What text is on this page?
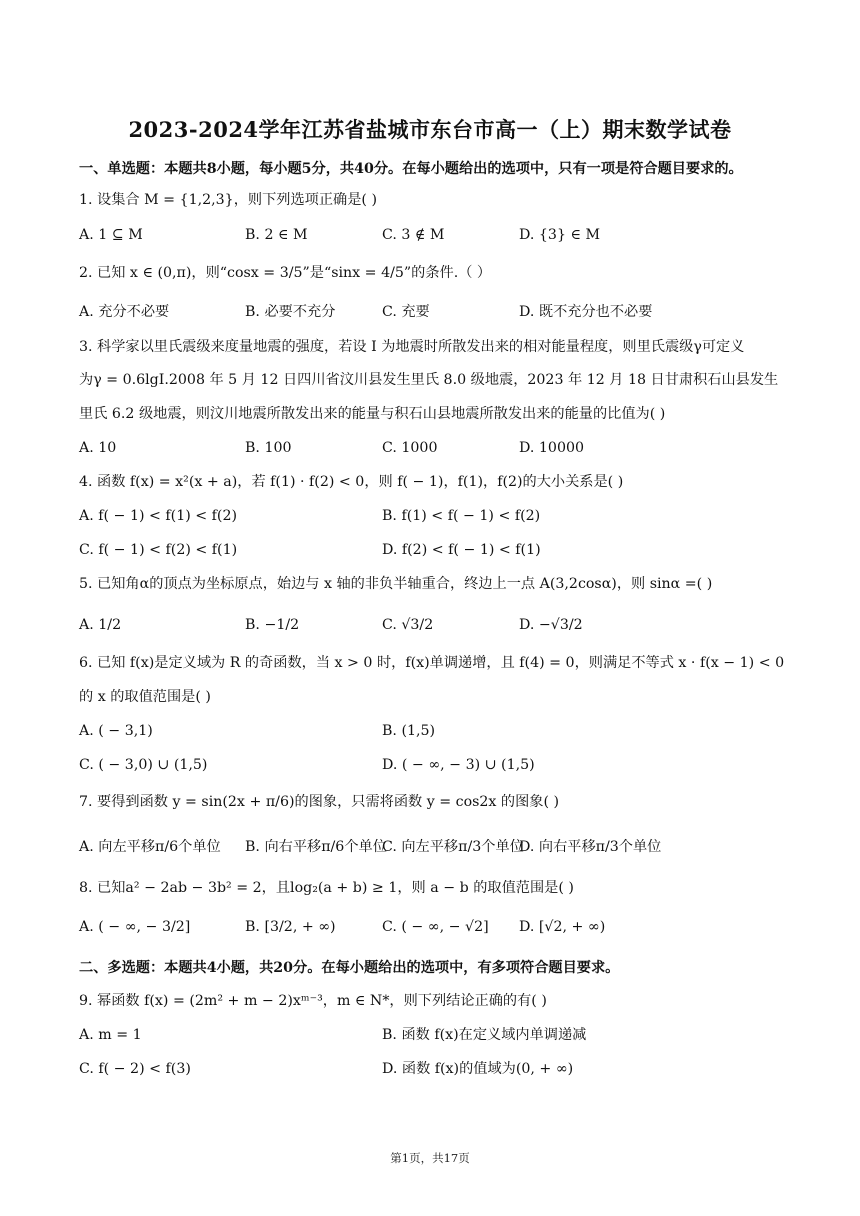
2023-2024学年江苏省盐城市东台市高一（上）期末数学试卷
一、单选题：本题共8小题，每小题5分，共40分。在每小题给出的选项中，只有一项是符合题目要求的。
1. 设集合 M = {1,2,3}，则下列选项正确是( )
A. 1 ⊆ M	B. 2 ∈ M	C. 3 ∉ M	D. {3} ∈ M
2. 已知 x ∈ (0,π)，则“cosx = 3/5”是“sinx = 4/5”的条件.（ ）
A. 充分不必要	B. 必要不充分	C. 充要	D. 既不充分也不必要
3. 科学家以里氏震级来度量地震的强度，若设 I 为地震时所散发出来的相对能量程度，则里氏震级γ可定义
为γ = 0.6lgI.2008 年 5 月 12 日四川省汶川县发生里氏 8.0 级地震，2023 年 12 月 18 日甘肃积石山县发生
里氏 6.2 级地震，则汶川地震所散发出来的能量与积石山县地震所散发出来的能量的比值为( )
A. 10	B. 100	C. 1000	D. 10000
4. 函数 f(x) = x²(x + a)，若 f(1) · f(2) < 0，则 f( − 1)，f(1)，f(2)的大小关系是( )
A. f( − 1) < f(1) < f(2)	B. f(1) < f( − 1) < f(2)
C. f( − 1) < f(2) < f(1)	D. f(2) < f( − 1) < f(1)
5. 已知角α的顶点为坐标原点，始边与 x 轴的非负半轴重合，终边上一点 A(3,2cosα)，则 sinα =( )
A. 1/2	B. −1/2	C. √3/2	D. −√3/2
6. 已知 f(x)是定义域为 R 的奇函数，当 x > 0 时，f(x)单调递增，且 f(4) = 0，则满足不等式 x · f(x − 1) < 0
的 x 的取值范围是( )
A. ( − 3,1)	B. (1,5)
C. ( − 3,0) ∪ (1,5)	D. ( − ∞, − 3) ∪ (1,5)
7. 要得到函数 y = sin(2x + π/6)的图象，只需将函数 y = cos2x 的图象( )
A. 向左平移π/6个单位 B. 向右平移π/6个单位
C. 向左平移π/3个单位
D. 向右平移π/3个单位
8. 已知a² − 2ab − 3b² = 2，且log₂(a + b) ≥ 1，则 a − b 的取值范围是( )
A. ( − ∞, − 3/2]	B. [3/2, + ∞)	C. ( − ∞, − √2] D. [√2, + ∞)
二、多选题：本题共4小题，共20分。在每小题给出的选项中，有多项符合题目要求。
9. 幂函数 f(x) = (2m² + m − 2)xᵐ⁻³，m ∈ N*，则下列结论正确的有( )
A. m = 1	B. 函数 f(x)在定义域内单调递减
C. f( − 2) < f(3)	D. 函数 f(x)的值域为(0, + ∞)
第1页，共17页
